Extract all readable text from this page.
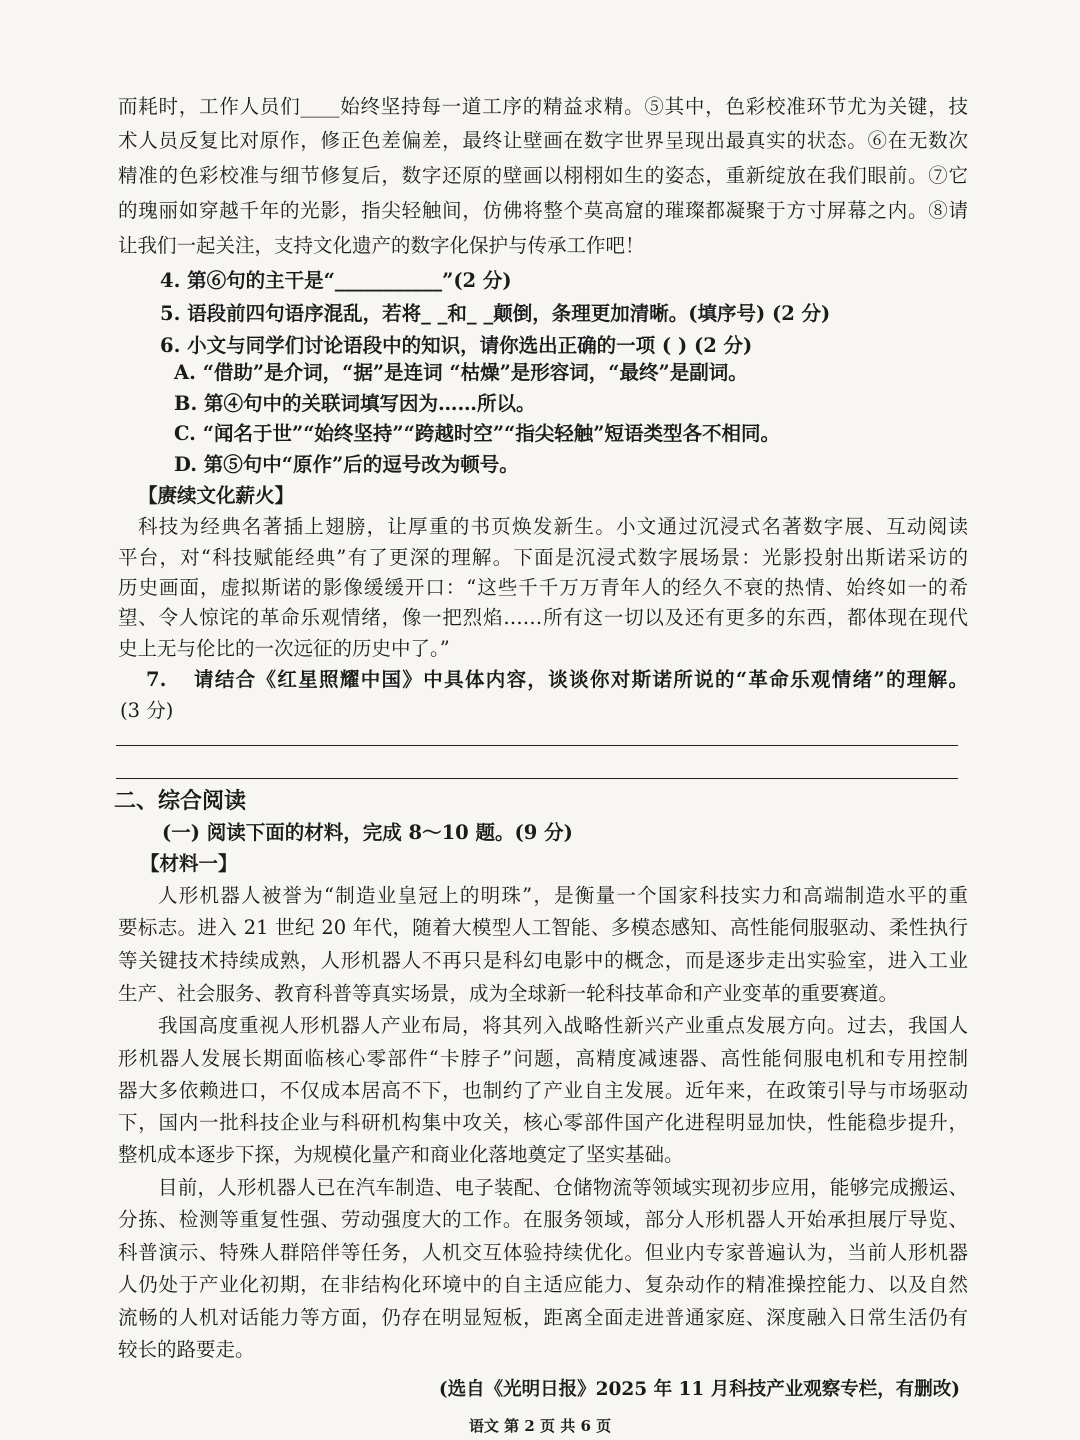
而耗时，工作人员们____始终坚持每一道工序的精益求精。⑤其中，色彩校准环节尤为关键，技
术人员反复比对原作，修正色差偏差，最终让壁画在数字世界呈现出最真实的状态。⑥在无数次
精准的色彩校准与细节修复后，数字还原的壁画以栩栩如生的姿态，重新绽放在我们眼前。⑦它
的瑰丽如穿越千年的光影，指尖轻触间，仿佛将整个莫高窟的璀璨都凝聚于方寸屏幕之内。⑧请
让我们一起关注，支持文化遗产的数字化保护与传承工作吧！
4. 第⑥句的主干是“___________”(2 分)
5. 语段前四句语序混乱，若将_ _和_ _颠倒，条理更加清晰。(填序号) (2 分)
6. 小文与同学们讨论语段中的知识，请你选出正确的一项 ( ) (2 分)
A. “借助”是介词，“据”是连词 “枯燥”是形容词，“最终”是副词。
B. 第④句中的关联词填写因为……所以。
C. “闻名于世”“始终坚持”“跨越时空”“指尖轻触”短语类型各不相同。
D. 第⑤句中“原作”后的逗号改为顿号。
【赓续文化薪火】
科技为经典名著插上翅膀，让厚重的书页焕发新生。小文通过沉浸式名著数字展、互动阅读
平台，对“科技赋能经典”有了更深的理解。下面是沉浸式数字展场景：光影投射出斯诺采访的
历史画面，虚拟斯诺的影像缓缓开口：“这些千千万万青年人的经久不衰的热情、始终如一的希
望、令人惊诧的革命乐观情绪，像一把烈焰……所有这一切以及还有更多的东西，都体现在现代
史上无与伦比的一次远征的历史中了。”
7. 请结合《红星照耀中国》中具体内容，谈谈你对斯诺所说的“革命乐观情绪”的理解。
(3 分)
二、综合阅读
(一) 阅读下面的材料，完成 8～10 题。(9 分)
【材料一】
人形机器人被誉为“制造业皇冠上的明珠”，是衡量一个国家科技实力和高端制造水平的重
要标志。进入 21 世纪 20 年代，随着大模型人工智能、多模态感知、高性能伺服驱动、柔性执行
等关键技术持续成熟，人形机器人不再只是科幻电影中的概念，而是逐步走出实验室，进入工业
生产、社会服务、教育科普等真实场景，成为全球新一轮科技革命和产业变革的重要赛道。
我国高度重视人形机器人产业布局，将其列入战略性新兴产业重点发展方向。过去，我国人
形机器人发展长期面临核心零部件“卡脖子”问题，高精度减速器、高性能伺服电机和专用控制
器大多依赖进口，不仅成本居高不下，也制约了产业自主发展。近年来，在政策引导与市场驱动
下，国内一批科技企业与科研机构集中攻关，核心零部件国产化进程明显加快，性能稳步提升，
整机成本逐步下探，为规模化量产和商业化落地奠定了坚实基础。
目前，人形机器人已在汽车制造、电子装配、仓储物流等领域实现初步应用，能够完成搬运、
分拣、检测等重复性强、劳动强度大的工作。在服务领域，部分人形机器人开始承担展厅导览、
科普演示、特殊人群陪伴等任务，人机交互体验持续优化。但业内专家普遍认为，当前人形机器
人仍处于产业化初期，在非结构化环境中的自主适应能力、复杂动作的精准操控能力、以及自然
流畅的人机对话能力等方面，仍存在明显短板，距离全面走进普通家庭、深度融入日常生活仍有
较长的路要走。
(选自《光明日报》2025 年 11 月科技产业观察专栏，有删改)
语文 第 2 页 共 6 页
